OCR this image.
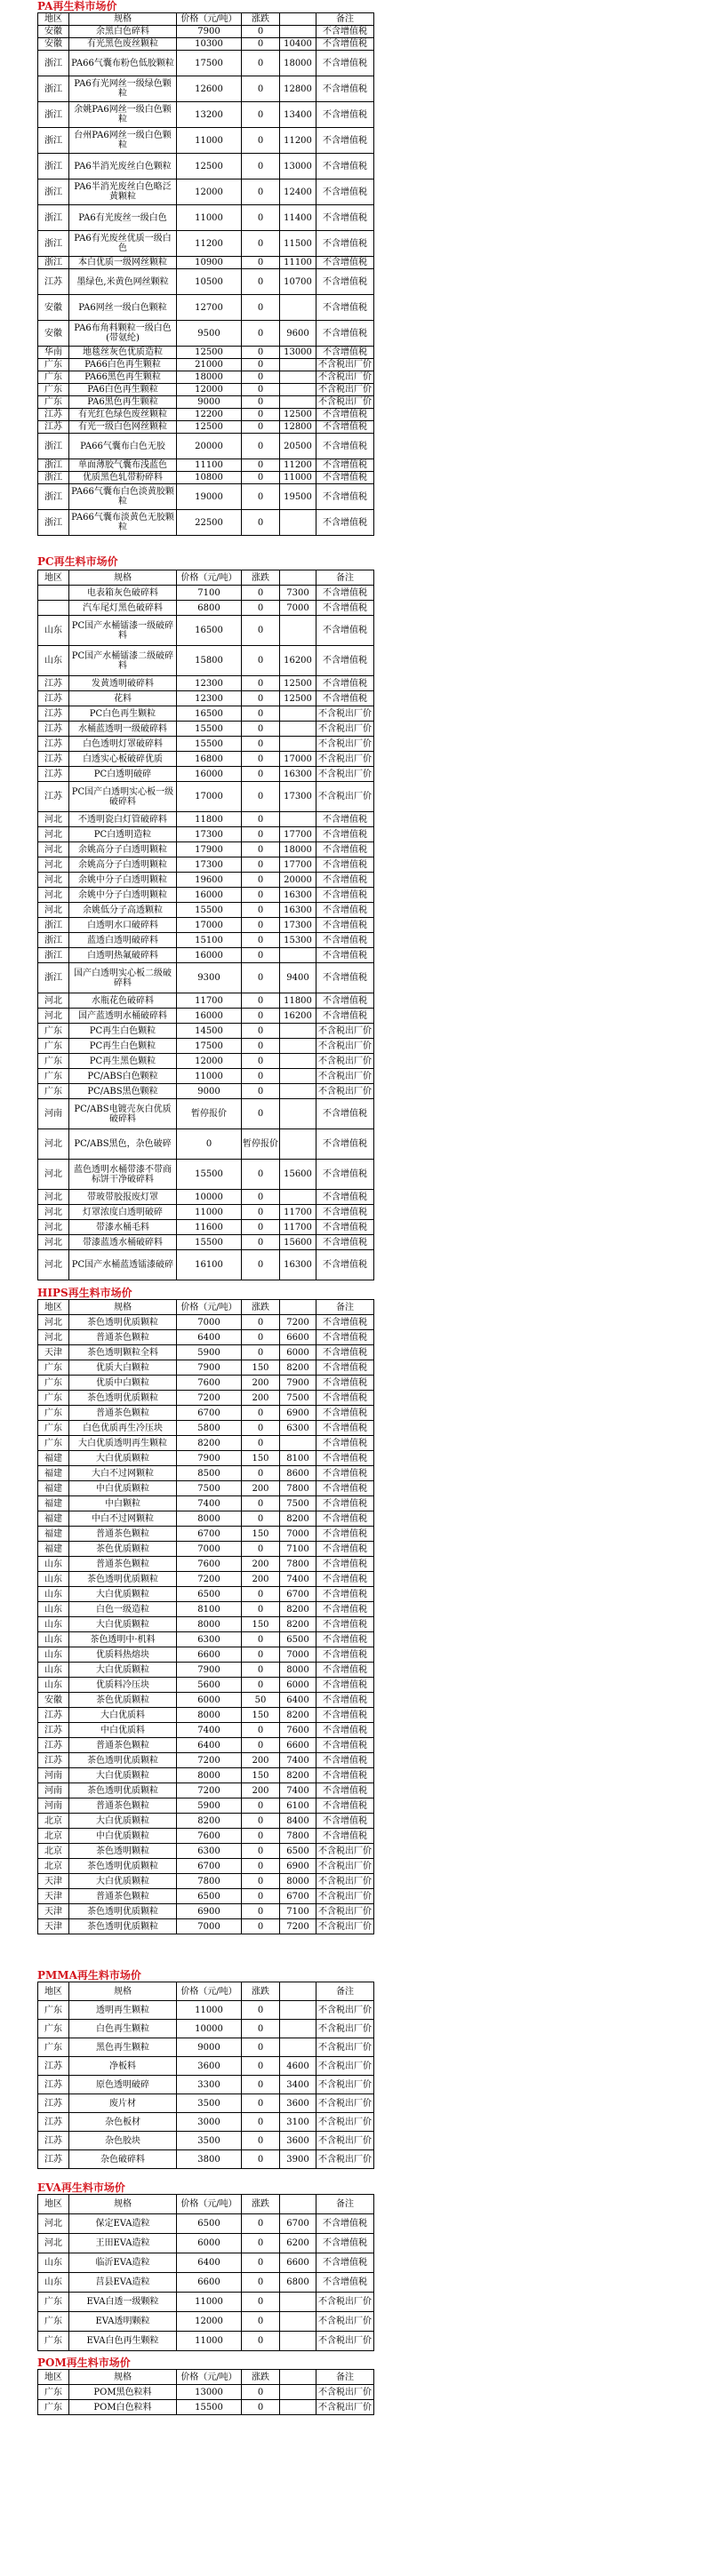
PA再生料市场价
地区	规格	价格（元/吨）	涨跌		备注
安徽	余黑白色碎料	7900	0		不含增值税
安徽	有光黑色废丝颗粒	10300	0	10400	不含增值税
浙江	PA66气囊布粉色低胶颗粒	17500	0	18000	不含增值税
浙江	PA6有光网丝一级绿色颗粒	12600	0	12800	不含增值税
浙江	余姚PA6网丝一级白色颗粒	13200	0	13400	不含增值税
浙江	台州PA6网丝一级白色颗粒	11000	0	11200	不含增值税
浙江	PA6半消光废丝白色颗粒	12500	0	13000	不含增值税
浙江	PA6半消光废丝白色略泛黄颗粒	12000	0	12400	不含增值税
浙江	PA6有光废丝一级白色	11000	0	11400	不含增值税
浙江	PA6有光废丝优质一级白色	11200	0	11500	不含增值税
浙江	本白优质一级网丝颗粒	10900	0	11100	不含增值税
江苏	墨绿色,米黄色网丝颗粒	10500	0	10700	不含增值税
安徽	PA6网丝一级白色颗粒	12700	0		不含增值税
安徽	PA6布角料颗粒一级白色(带氨纶)	9500	0	9600	不含增值税
华南	地毯丝灰色优质造粒	12500	0	13000	不含增值税
广东	PA66白色再生颗粒	21000	0		不含税出厂价
广东	PA66黑色再生颗粒	18000	0		不含税出厂价
广东	PA6白色再生颗粒	12000	0		不含税出厂价
广东	PA6黑色再生颗粒	9000	0		不含税出厂价
江苏	有光红色绿色废丝颗粒	12200	0	12500	不含增值税
江苏	有光一级白色网丝颗粒	12500	0	12800	不含增值税
浙江	PA66气囊布白色无胶	20000	0	20500	不含增值税
浙江	单面薄胶气囊布浅蓝色	11100	0	11200	不含增值税
浙江	优质黑色轧带粉碎料	10800	0	11000	不含增值税
浙江	PA66气囊布白色淡黄胶颗粒	19000	0	19500	不含增值税
浙江	PA66气囊布淡黄色无胶颗粒	22500	0		不含增值税
PC再生料市场价
地区	规格	价格（元/吨）	涨跌		备注
	电表箱灰色破碎料	7100	0	7300	不含增值税
	汽车尾灯黑色破碎料	6800	0	7000	不含增值税
山东	PC国产水桶镭漆一级破碎料	16500	0		不含增值税
山东	PC国产水桶镭漆二级破碎料	15800	0	16200	不含增值税
江苏	发黄透明破碎料	12300	0	12500	不含增值税
江苏	花料	12300	0	12500	不含增值税
江苏	PC白色再生颗粒	16500	0		不含税出厂价
江苏	水桶蓝透明一级破碎料	15500	0		不含税出厂价
江苏	白色透明灯罩破碎料	15500	0		不含税出厂价
江苏	白透实心板破碎优质	16800	0	17000	不含税出厂价
江苏	PC白透明破碎	16000	0	16300	不含税出厂价
江苏	PC国产白透明实心板一级破碎料	17000	0	17300	不含税出厂价
河北	不透明瓷白灯管破碎料	11800	0		不含增值税
河北	PC白透明造粒	17300	0	17700	不含增值税
河北	余姚高分子白透明颗粒	17900	0	18000	不含增值税
河北	余姚高分子白透明颗粒	17300	0	17700	不含增值税
河北	余姚中分子白透明颗粒	19600	0	20000	不含增值税
河北	余姚中分子白透明颗粒	16000	0	16300	不含增值税
河北	余姚低分子高透颗粒	15500	0	16300	不含增值税
浙江	白透明水口破碎料	17000	0	17300	不含增值税
浙江	蓝透白透明破碎料	15100	0	15300	不含增值税
浙江	白透明热氟破碎料	16000	0		不含增值税
浙江	国产白透明实心板二级破碎料	9300	0	9400	不含增值税
河北	水瓶花色破碎料	11700	0	11800	不含增值税
河北	国产蓝透明水桶破碎料	16000	0	16200	不含增值税
广东	PC再生白色颗粒	14500	0		不含税出厂价
广东	PC再生白色颗粒	17500	0		不含税出厂价
广东	PC再生黑色颗粒	12000	0		不含税出厂价
广东	PC/ABS白色颗粒	11000	0		不含税出厂价
广东	PC/ABS黑色颗粒	9000	0		不含税出厂价
河南	PC/ABS电镀壳灰白优质破碎料	暂停报价	0		不含增值税
河北	PC/ABS黑色，杂色破碎	0	暂停报价		不含增值税
河北	蓝色透明水桶带漆不带商标饼干净破碎料	15500	0	15600	不含增值税
河北	带玻带胶报废灯罩	10000	0		不含增值税
河北	灯罩浓度白透明破碎	11000	0	11700	不含增值税
河北	带漆水桶毛料	11600	0	11700	不含增值税
河北	带漆蓝透水桶破碎料	15500	0	15600	不含增值税
河北	PC国产水桶蓝透镭漆破碎	16100	0	16300	不含增值税
HIPS再生料市场价
地区	规格	价格（元/吨）	涨跌		备注
河北	茶色透明优质颗粒	7000	0	7200	不含增值税
河北	普通茶色颗粒	6400	0	6600	不含增值税
天津	茶色透明颗粒全料	5900	0	6000	不含增值税
广东	优质大白颗粒	7900	150	8200	不含增值税
广东	优质中白颗粒	7600	200	7900	不含增值税
广东	茶色透明优质颗粒	7200	200	7500	不含增值税
广东	普通茶色颗粒	6700	0	6900	不含增值税
广东	白色优质再生冷压块	5800	0	6300	不含增值税
广东	大白优质透明再生颗粒	8200	0		不含增值税
福建	大白优质颗粒	7900	150	8100	不含增值税
福建	大白不过网颗粒	8500	0	8600	不含增值税
福建	中白优质颗粒	7500	200	7800	不含增值税
福建	中白颗粒	7400	0	7500	不含增值税
福建	中白不过网颗粒	8000	0	8200	不含增值税
福建	普通茶色颗粒	6700	150	7000	不含增值税
福建	茶色优质颗粒	7000	0	7100	不含增值税
山东	普通茶色颗粒	7600	200	7800	不含增值税
山东	茶色透明优质颗粒	7200	200	7400	不含增值税
山东	大白优质颗粒	6500	0	6700	不含增值税
山东	白色一级造粒	8100	0	8200	不含增值税
山东	大白优质颗粒	8000	150	8200	不含增值税
山东	茶色透明中·机料	6300	0	6500	不含增值税
山东	优质料热熔块	6600	0	7000	不含增值税
山东	大白优质颗粒	7900	0	8000	不含增值税
山东	优质料冷压块	5600	0	6000	不含增值税
安徽	茶色优质颗粒	6000	50	6400	不含增值税
江苏	大白优质料	8000	150	8200	不含增值税
江苏	中白优质料	7400	0	7600	不含增值税
江苏	普通茶色颗粒	6400	0	6600	不含增值税
江苏	茶色透明优质颗粒	7200	200	7400	不含增值税
河南	大白优质颗粒	8000	150	8200	不含增值税
河南	茶色透明优质颗粒	7200	200	7400	不含增值税
河南	普通茶色颗粒	5900	0	6100	不含增值税
北京	大白优质颗粒	8200	0	8400	不含增值税
北京	中白优质颗粒	7600	0	7800	不含增值税
北京	茶色透明颗粒	6300	0	6500	不含税出厂价
北京	茶色透明优质颗粒	6700	0	6900	不含税出厂价
天津	大白优质颗粒	7800	0	8000	不含税出厂价
天津	普通茶色颗粒	6500	0	6700	不含税出厂价
天津	茶色透明优质颗粒	6900	0	7100	不含税出厂价
天津	茶色透明优质颗粒	7000	0	7200	不含税出厂价
PMMA再生料市场价
地区	规格	价格（元/吨）	涨跌		备注
广东	透明再生颗粒	11000	0		不含税出厂价
广东	白色再生颗粒	10000	0		不含税出厂价
广东	黑色再生颗粒	9000	0		不含税出厂价
江苏	净板料	3600	0	4600	不含税出厂价
江苏	原色透明破碎	3300	0	3400	不含税出厂价
江苏	废片材	3500	0	3600	不含税出厂价
江苏	杂色板材	3000	0	3100	不含税出厂价
江苏	杂色胶块	3500	0	3600	不含税出厂价
江苏	杂色破碎料	3800	0	3900	不含税出厂价
EVA再生料市场价
地区	规格	价格（元/吨）	涨跌		备注
河北	保定EVA造粒	6500	0	6700	不含增值税
河北	王田EVA造粒	6000	0	6200	不含增值税
山东	临沂EVA造粒	6400	0	6600	不含增值税
山东	莒县EVA造粒	6600	0	6800	不含增值税
广东	EVA白透一级颗粒	11000	0		不含税出厂价
广东	EVA透明颗粒	12000	0		不含税出厂价
广东	EVA白色再生颗粒	11000	0		不含税出厂价
POM再生料市场价
地区	规格	价格（元/吨）	涨跌		备注
广东	POM黑色粒料	13000	0		不含税出厂价
广东	POM白色粒料	15500	0		不含税出厂价
